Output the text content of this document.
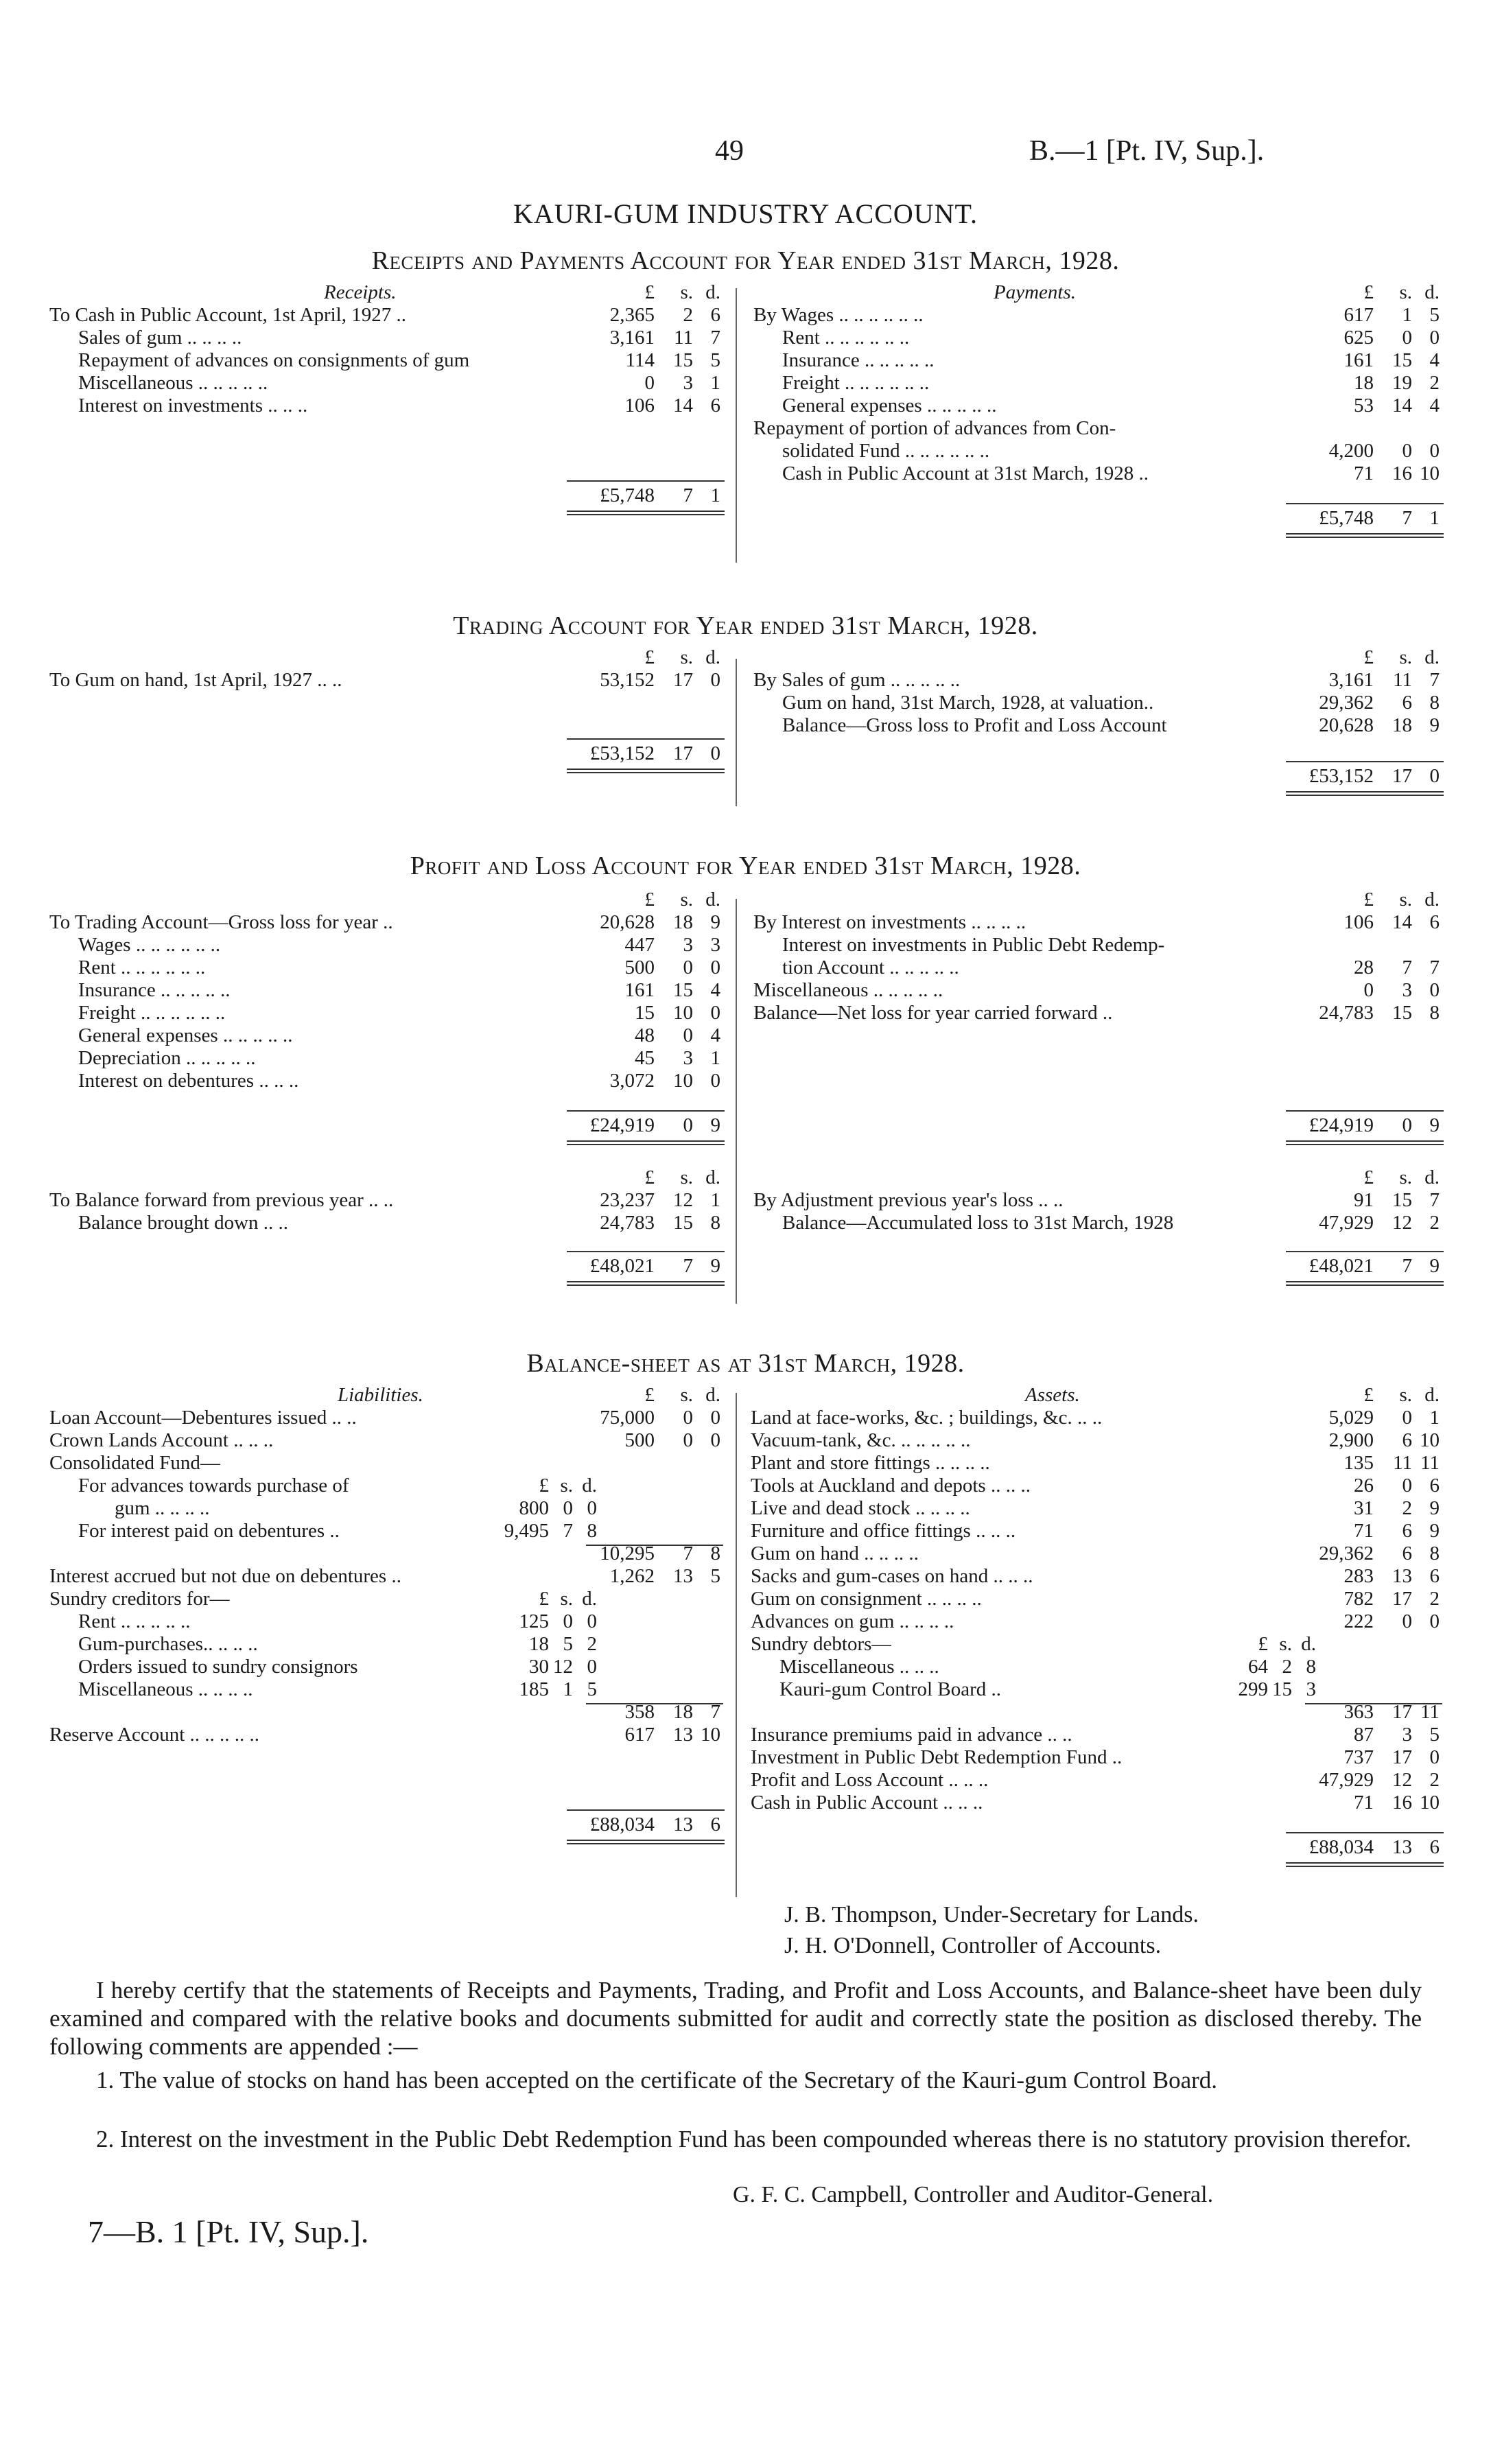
49	B.—1 [Pt. IV, Sup.].
KAURI-GUM INDUSTRY ACCOUNT.
Receipts and Payments Account for Year ended 31st March, 1928.
Receipts.	£ s. d.
To Cash in Public Account, 1st April, 1927 ..	2,365 2 6
Sales of gum .. .. .. ..	3,161 11 7
Repayment of advances on consignments of gum	114 15 5
Miscellaneous .. .. .. .. ..	0 3 1
Interest on investments .. .. ..	106 14 6
£5,748 7 1
Payments.	£ s. d.
By Wages .. .. .. .. .. ..	617 1 5
Rent .. .. .. .. .. ..	625 0 0
Insurance .. .. .. .. ..	161 15 4
Freight .. .. .. .. .. ..	18 19 2
General expenses .. .. .. .. ..	53 14 4
Repayment of portion of advances from Con-
solidated Fund .. .. .. .. .. ..	4,200 0 0
Cash in Public Account at 31st March, 1928 ..	71 16 10
£5,748 7 1
Trading Account for Year ended 31st March, 1928.
£ s. d.
To Gum on hand, 1st April, 1927 .. ..	53,152 17 0
£53,152 17 0
£ s. d.
By Sales of gum .. .. .. .. ..	3,161 11 7
Gum on hand, 31st March, 1928, at valuation..	29,362 6 8
Balance—Gross loss to Profit and Loss Account	20,628 18 9
£53,152 17 0
Profit and Loss Account for Year ended 31st March, 1928.
£ s. d.
To Trading Account—Gross loss for year ..	20,628 18 9
Wages .. .. .. .. .. ..	447 3 3
Rent .. .. .. .. .. ..	500 0 0
Insurance .. .. .. .. ..	161 15 4
Freight .. .. .. .. .. ..	15 10 0
General expenses .. .. .. .. ..	48 0 4
Depreciation .. .. .. .. ..	45 3 1
Interest on debentures .. .. ..	3,072 10 0
£24,919 0 9
£ s. d.
By Interest on investments .. .. .. ..	106 14 6
Interest on investments in Public Debt Redemp-
tion Account .. .. .. .. ..	28 7 7
Miscellaneous .. .. .. .. ..	0 3 0
Balance—Net loss for year carried forward ..	24,783 15 8
£24,919 0 9
Balance-sheet as at 31st March, 1928.
Liabilities.	£ s. d.
Loan Account—Debentures issued .. ..	75,000 0 0
Crown Lands Account .. .. ..	500 0 0
Consolidated Fund—
For advances towards purchase of	£ s. d.
gum .. .. .. ..	800 0 0
For interest paid on debentures ..	9,495 7 8
10,295 7 8
Interest accrued but not due on debentures ..	1,262 13 5
Sundry creditors for—	£ s. d.
Rent .. .. .. .. ..	125 0 0
Gum-purchases.. .. .. ..	18 5 2
Orders issued to sundry consignors	30 12 0
Miscellaneous .. .. .. ..	185 1 5
358 18 7
Reserve Account .. .. .. .. ..	617 13 10
£88,034 13 6
Assets.	£ s. d.
Land at face-works, &c. ; buildings, &c. .. ..	5,029 0 1
Vacuum-tank, &c. .. .. .. .. ..	2,900 6 10
Plant and store fittings .. .. .. ..	135 11 11
Tools at Auckland and depots .. .. ..	26 0 6
Live and dead stock .. .. .. ..	31 2 9
Furniture and office fittings .. .. ..	71 6 9
Gum on hand .. .. .. ..	29,362 6 8
Sacks and gum-cases on hand .. .. ..	283 13 6
Gum on consignment .. .. .. ..	782 17 2
Advances on gum .. .. .. ..	222 0 0
Sundry debtors—	£ s. d.
Miscellaneous .. .. ..	64 2 8
Kauri-gum Control Board ..	299 15 3
363 17 11
Insurance premiums paid in advance .. ..	87 3 5
Investment in Public Debt Redemption Fund ..	737 17 0
Profit and Loss Account .. .. ..	47,929 12 2
Cash in Public Account .. .. ..	71 16 10
£88,034 13 6
J. B. Thompson, Under-Secretary for Lands.
J. H. O'Donnell, Controller of Accounts.
I hereby certify that the statements of Receipts and Payments, Trading, and Profit and Loss Accounts, and Balance-sheet have been duly examined and compared with the relative books and documents submitted for audit and correctly state the position as disclosed thereby. The following comments are appended :—
1. The value of stocks on hand has been accepted on the certificate of the Secretary of the Kauri-gum Control Board.
2. Interest on the investment in the Public Debt Redemption Fund has been compounded whereas there is no statutory provision therefor.
G. F. C. Campbell, Controller and Auditor-General.
7—B. 1 [Pt. IV, Sup.].
£ s. d.
To Balance forward from previous year .. ..	23,237 12 1
Balance brought down .. ..	24,783 15 8
£48,021 7 9
£ s. d.
By Adjustment previous year's loss .. ..	91 15 7
Balance—Accumulated loss to 31st March, 1928	47,929 12 2
£48,021 7 9
